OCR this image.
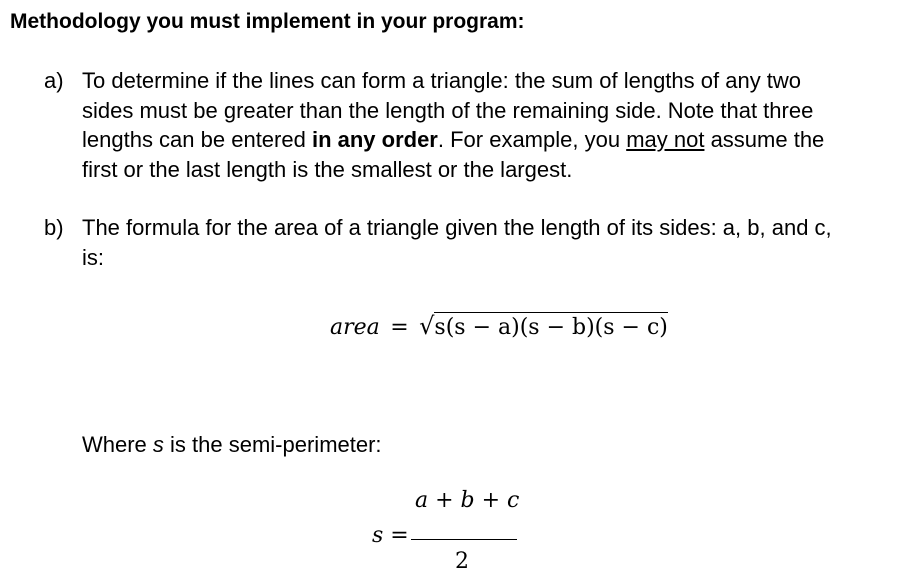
Methodology you must implement in your program:
a) To determine if the lines can form a triangle: the sum of lengths of any two
sides must be greater than the length of the remaining side. Note that three
lengths can be entered in any order. For example, you may not assume the
first or the last length is the smallest or the largest.
b) The formula for the area of a triangle given the length of its sides: a, b, and c,
is:
area = √s(s − a)(s − b)(s − c)
Where s is the semi-perimeter:
a + b + c
s =
2
